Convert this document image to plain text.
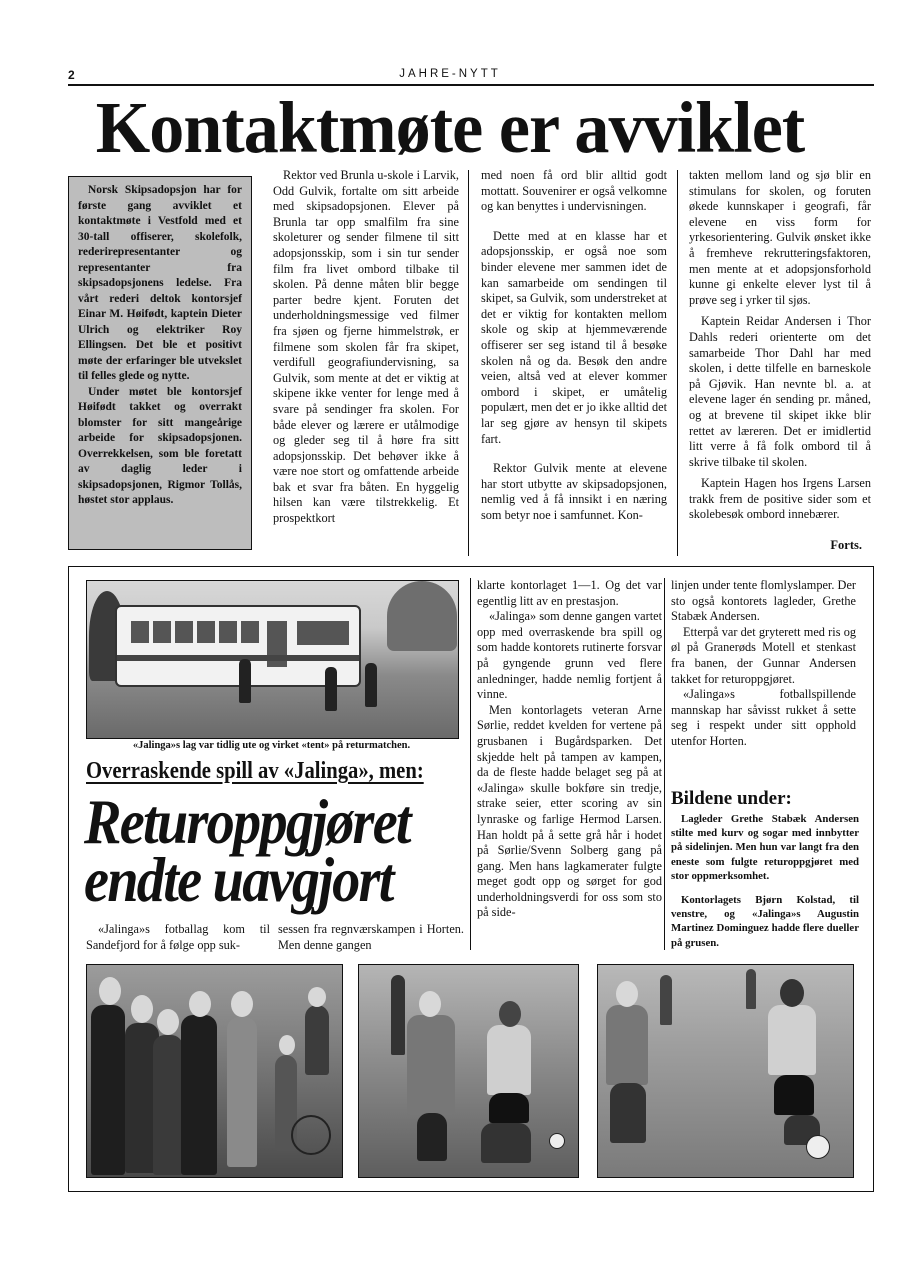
2	JAHRE-NYTT
Kontaktmøte er avviklet

Norsk Skipsadopsjon har for første gang avviklet et kontaktmøte i Vestfold med et 30-tall offiserer, skolefolk, rederirepresentanter og representanter fra skipsadopsjonens ledelse. Fra vårt rederi deltok kontorsjef Einar M. Høifødt, kaptein Dieter Ulrich og elektriker Roy Ellingsen. Det ble et positivt møte der erfaringer ble utvekslet til felles glede og nytte.

Under møtet ble kontorsjef Høifødt takket og overrakt blomster for sitt mangeårige arbeide for skipsadopsjonen. Overrekkelsen, som ble foretatt av daglig leder i skipsadopsjonen, Rigmor Tollås, høstet stor applaus.

Rektor ved Brunla u-skole i Larvik, Odd Gulvik, fortalte om sitt arbeide med skipsadopsjonen. Elever på Brunla tar opp smalfilm fra sine skoleturer og sender filmene til sitt adopsjonsskip, som i sin tur sender film fra livet ombord tilbake til skolen. På denne måten blir begge parter bedre kjent. Foruten det underholdningsmessige ved filmer fra sjøen og fjerne himmelstrøk, er filmene som skolen får fra skipet, verdifull geografiundervisning, sa Gulvik, som mente at det er viktig at skipene ikke venter for lenge med å svare på sendinger fra skolen. For både elever og lærere er utålmodige og gleder seg til å høre fra sitt adopsjonsskip. Det behøver ikke å være noe stort og omfattende arbeide bak et svar fra båten. En hyggelig hilsen kan være tilstrekkelig. Et prospektkort

med noen få ord blir alltid godt mottatt. Souvenirer er også velkomne og kan benyttes i undervisningen.

Dette med at en klasse har et adopsjonsskip, er også noe som binder elevene mer sammen idet de kan samarbeide om sendingen til skipet, sa Gulvik, som understreket at det er viktig for kontakten mellom skole og skip at hjemmeværende offiserer ser seg istand til å besøke skolen nå og da. Besøk den andre veien, altså ved at elever kommer ombord i skipet, er umåtelig populært, men det er jo ikke alltid det lar seg gjøre av hensyn til skipets fart.

Rektor Gulvik mente at elevene har stort utbytte av skipsadopsjonen, nemlig ved å få innsikt i en næring som betyr noe i samfunnet. Kon-

takten mellom land og sjø blir en stimulans for skolen, og foruten økede kunnskaper i geografi, får elevene en viss form for yrkesorientering. Gulvik ønsket ikke å fremheve rekrutteringsfaktoren, men mente at et adopsjonsforhold kunne gi enkelte elever lyst til å prøve seg i yrker til sjøs.

Kaptein Reidar Andersen i Thor Dahls rederi orienterte om det samarbeide Thor Dahl har med skolen, i dette tilfelle en barneskole på Gjøvik. Han nevnte bl. a. at elevene lager én sending pr. måned, og at brevene til skipet ikke blir rettet av læreren. Det er imidlertid litt verre å få folk ombord til å skrive tilbake til skolen.

Kaptein Hagen hos Irgens Larsen trakk frem de positive sider som et skolebesøk ombord innebærer.

Forts.
«Jalinga»s lag var tidlig ute og virket «tent» på returmatchen.
Overraskende spill av «Jalinga», men:
Returoppgjøret
endte uavgjort

«Jalinga»s fotballag kom til Sandefjord for å følge opp suk-

sessen fra regnværskampen i Horten. Men denne gangen

klarte kontorlaget 1—1. Og det var egentlig litt av en prestasjon.

«Jalinga» som denne gangen vartet opp med overraskende bra spill og som hadde kontorets rutinerte forsvar på gyngende grunn ved flere anledninger, hadde nemlig fortjent å vinne.

Men kontorlagets veteran Arne Sørlie, reddet kvelden for vertene på grusbanen i Bugårdsparken. Det skjedde helt på tampen av kampen, da de fleste hadde belaget seg på at «Jalinga» skulle bokføre sin tredje, strake seier, etter scoring av sin lynraske og farlige Hermod Larsen. Han holdt på å sette grå hår i hodet på Sørlie/Svenn Solberg gang på gang. Men hans lagkamerater fulgte meget godt opp og sørget for god underholdningsverdi for oss som sto på side-

linjen under tente flomlyslamper. Der sto også kontorets lagleder, Grethe Stabæk Andersen.

Etterpå var det gryterett med ris og øl på Granerøds Motell et stenkast fra banen, der Gunnar Andersen takket for returoppgjøret.

«Jalinga»s fotballspillende mannskap har såvisst rukket å sette seg i respekt under sitt opphold utenfor Horten.

Bildene under:

Lagleder Grethe Stabæk Andersen stilte med kurv og sogar med innbytter på sidelinjen. Men hun var langt fra den eneste som fulgte returoppgjøret med stor oppmerksomhet.

Kontorlagets Bjørn Kolstad, til venstre, og «Jalinga»s Augustin Martinez Dominguez hadde flere dueller på grusen.
